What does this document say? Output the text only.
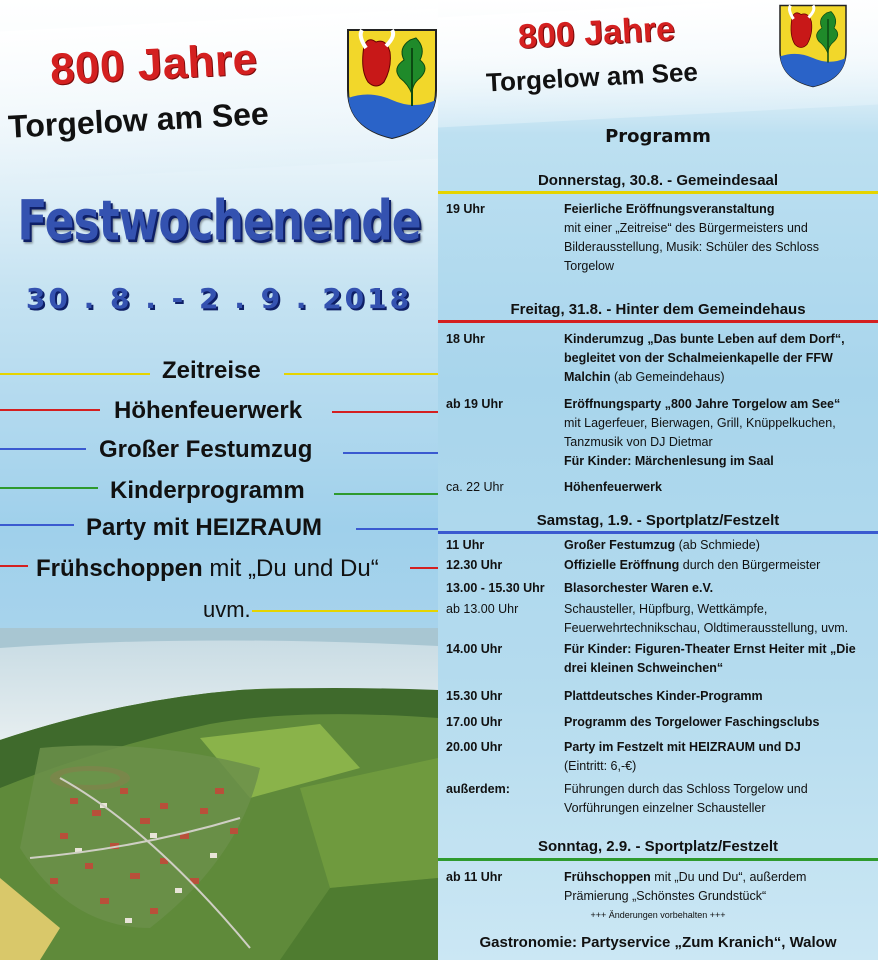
800 Jahre
Torgelow am See
Festwochenende
30 . 8 . - 2 . 9 . 2018
Zeitreise
Höhenfeuerwerk
Großer Festumzug
Kinderprogramm
Party mit HEIZRAUM
Frühschoppen mit „Du und Du“
uvm.
800 Jahre
Torgelow am See
Programm
Donnerstag, 30.8. - Gemeindesaal
19 Uhr	Feierliche Eröffnungsveranstaltung
mit einer „Zeitreise“ des Bürgermeisters und Bilderausstellung, Musik: Schüler des Schloss Torgelow
Freitag, 31.8. - Hinter dem Gemeindehaus
18 Uhr	Kinderumzug „Das bunte Leben auf dem Dorf“, begleitet von der Schalmeienkapelle der FFW Malchin (ab Gemeindehaus)
ab 19 Uhr	Eröffnungsparty „800 Jahre Torgelow am See“
mit Lagerfeuer, Bierwagen, Grill, Knüppelkuchen, Tanzmusik von DJ Dietmar
Für Kinder: Märchenlesung im Saal
ca. 22 Uhr	Höhenfeuerwerk
Samstag, 1.9. - Sportplatz/Festzelt
11 Uhr	Großer Festumzug (ab Schmiede)
12.30 Uhr	Offizielle Eröffnung durch den Bürgermeister
13.00 - 15.30 Uhr Blasorchester Waren e.V.
ab 13.00 Uhr	Schausteller, Hüpfburg, Wettkämpfe, Feuerwehrtechnikschau, Oldtimerausstellung, uvm.
14.00 Uhr	Für Kinder: Figuren-Theater Ernst Heiter mit „Die drei kleinen Schweinchen“
15.30 Uhr	Plattdeutsches Kinder-Programm
17.00 Uhr	Programm des Torgelower Faschingsclubs
20.00 Uhr	Party im Festzelt mit HEIZRAUM und DJ
(Eintritt: 6,-€)
außerdem:	Führungen durch das Schloss Torgelow und Vorführungen einzelner Schausteller
Sonntag, 2.9. - Sportplatz/Festzelt
ab 11 Uhr	Frühschoppen mit „Du und Du“, außerdem Prämierung „Schönstes Grundstück“
+++ Änderungen vorbehalten +++
Gastronomie: Partyservice „Zum Kranich“, Walow
